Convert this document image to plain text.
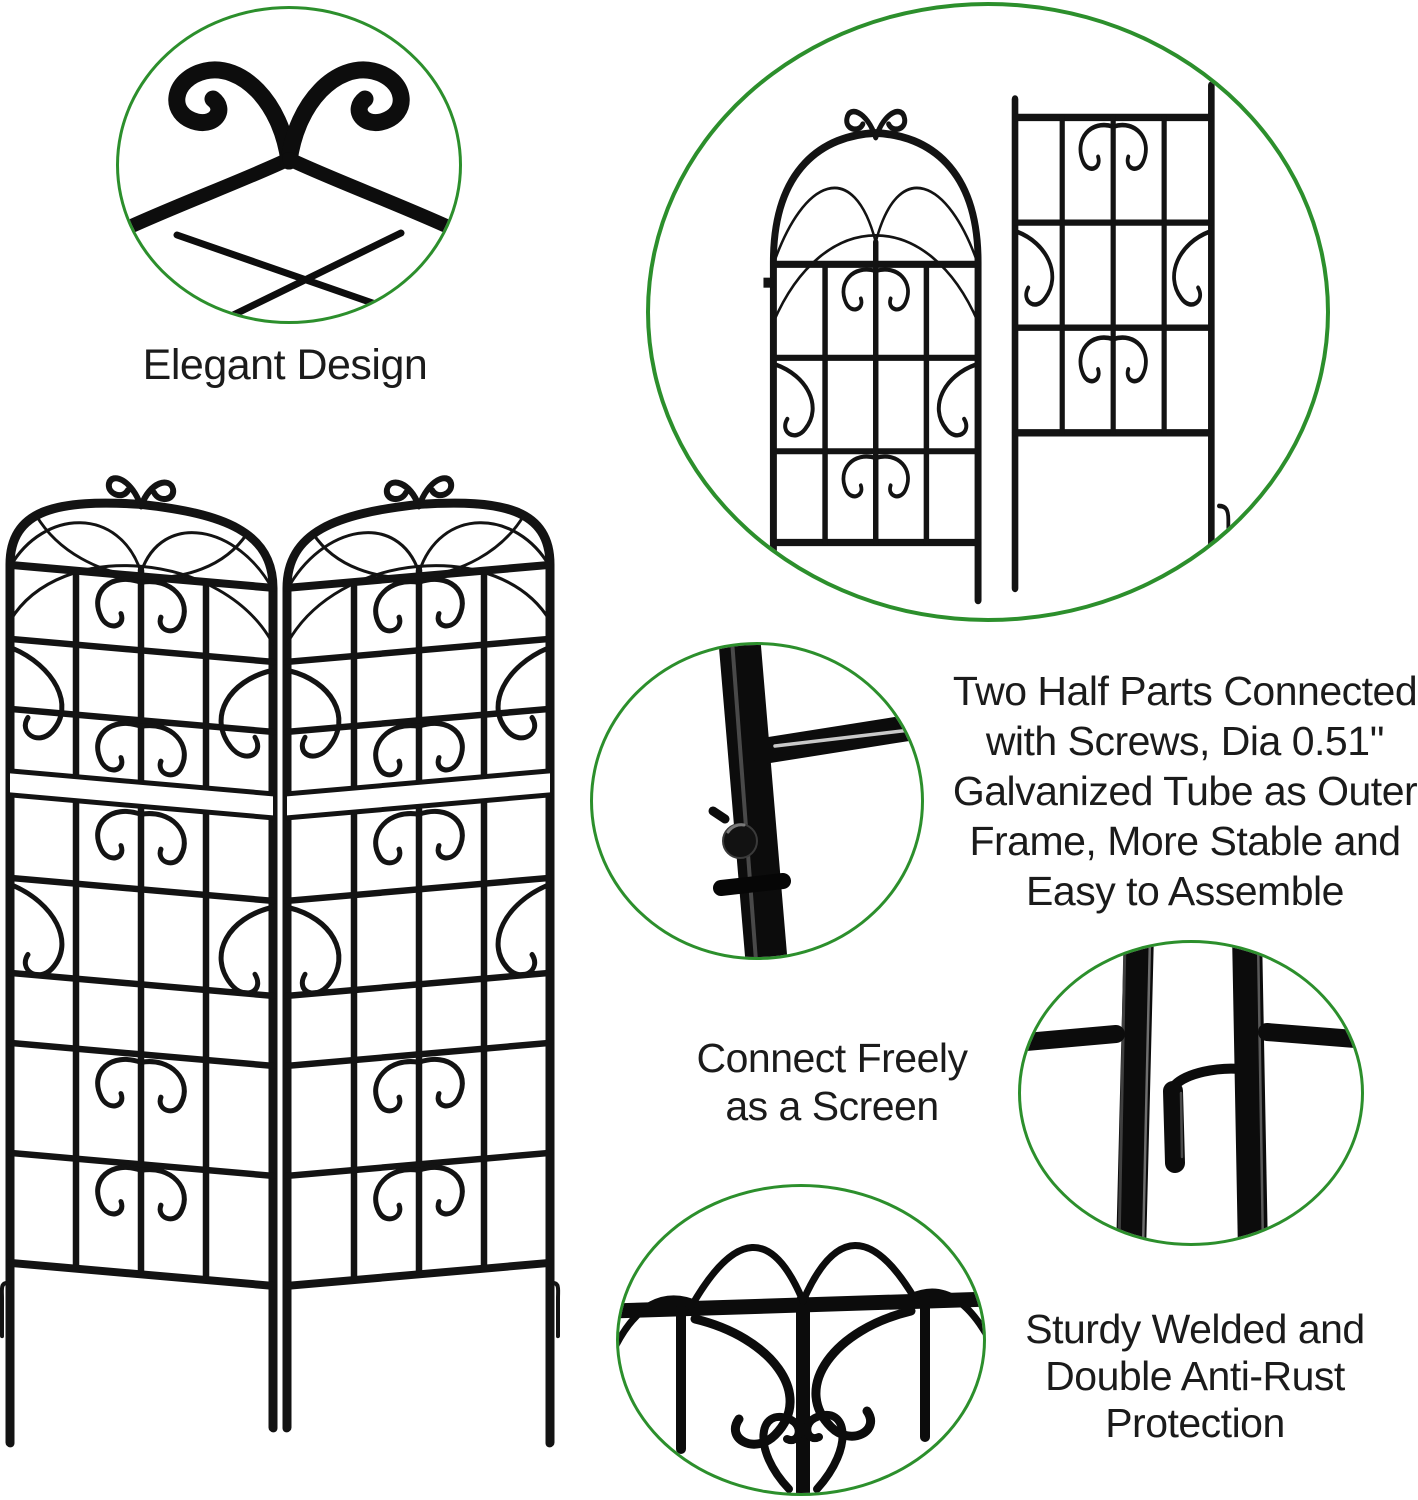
Elegant Design
Two Half Parts Connected
with Screws, Dia 0.51''
Galvanized Tube as Outer
Frame, More Stable and
Easy to Assemble
Connect Freely
as a Screen
Sturdy Welded and
Double Anti-Rust
Protection
